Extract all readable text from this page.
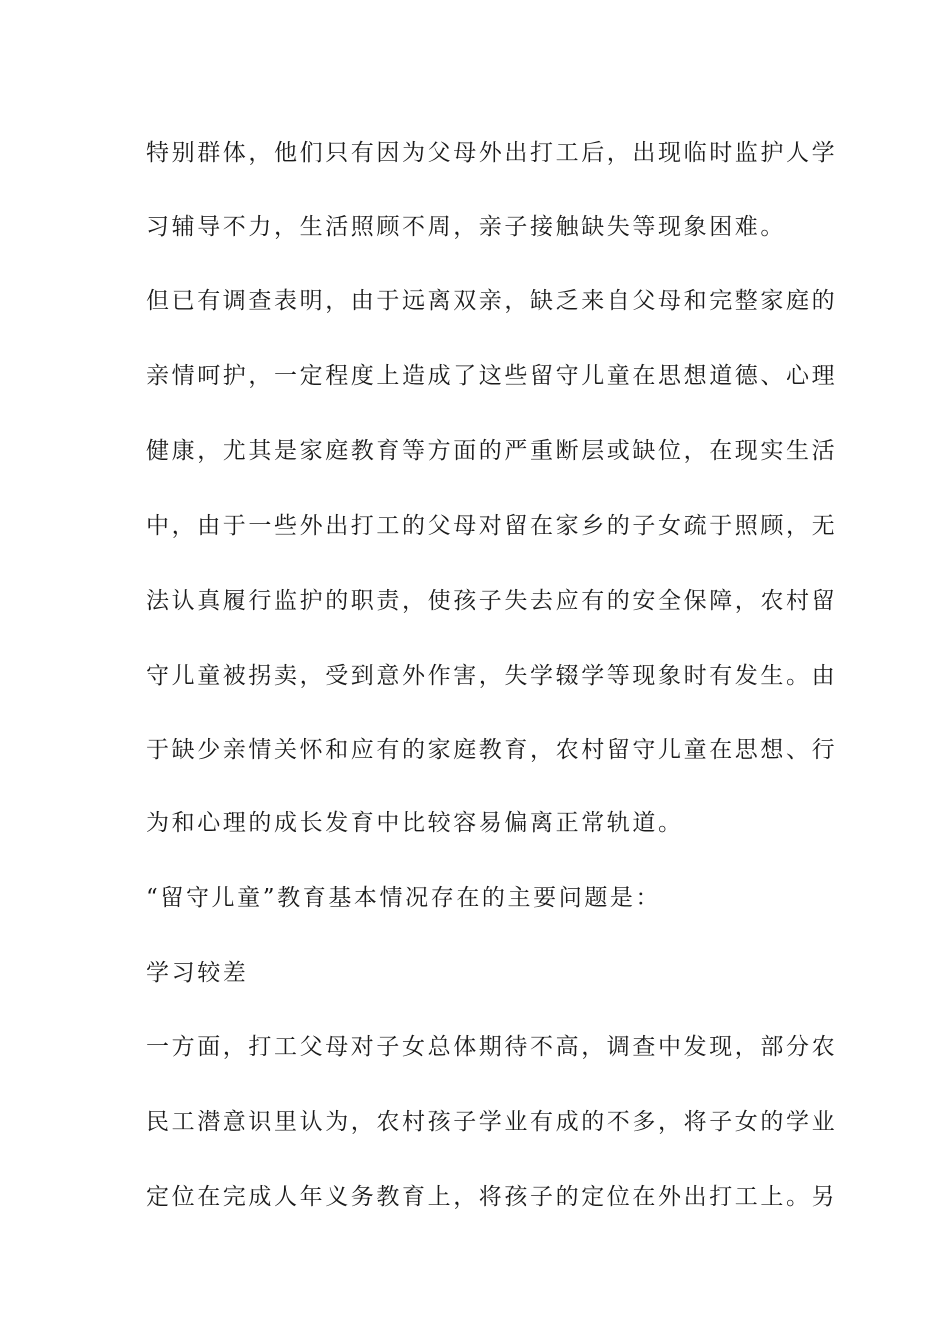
特别群体，他们只有因为父母外出打工后，出现临时监护人学
习辅导不力，生活照顾不周，亲子接触缺失等现象困难。
但已有调查表明，由于远离双亲，缺乏来自父母和完整家庭的
亲情呵护，一定程度上造成了这些留守儿童在思想道德、心理
健康，尤其是家庭教育等方面的严重断层或缺位，在现实生活
中，由于一些外出打工的父母对留在家乡的子女疏于照顾，无
法认真履行监护的职责，使孩子失去应有的安全保障，农村留
守儿童被拐卖，受到意外作害，失学辍学等现象时有发生。由
于缺少亲情关怀和应有的家庭教育，农村留守儿童在思想、行
为和心理的成长发育中比较容易偏离正常轨道。
“留守儿童”教育基本情况存在的主要问题是：
学习较差
一方面，打工父母对子女总体期待不高，调查中发现，部分农
民工潜意识里认为，农村孩子学业有成的不多，将子女的学业
定位在完成人年义务教育上，将孩子的定位在外出打工上。另
